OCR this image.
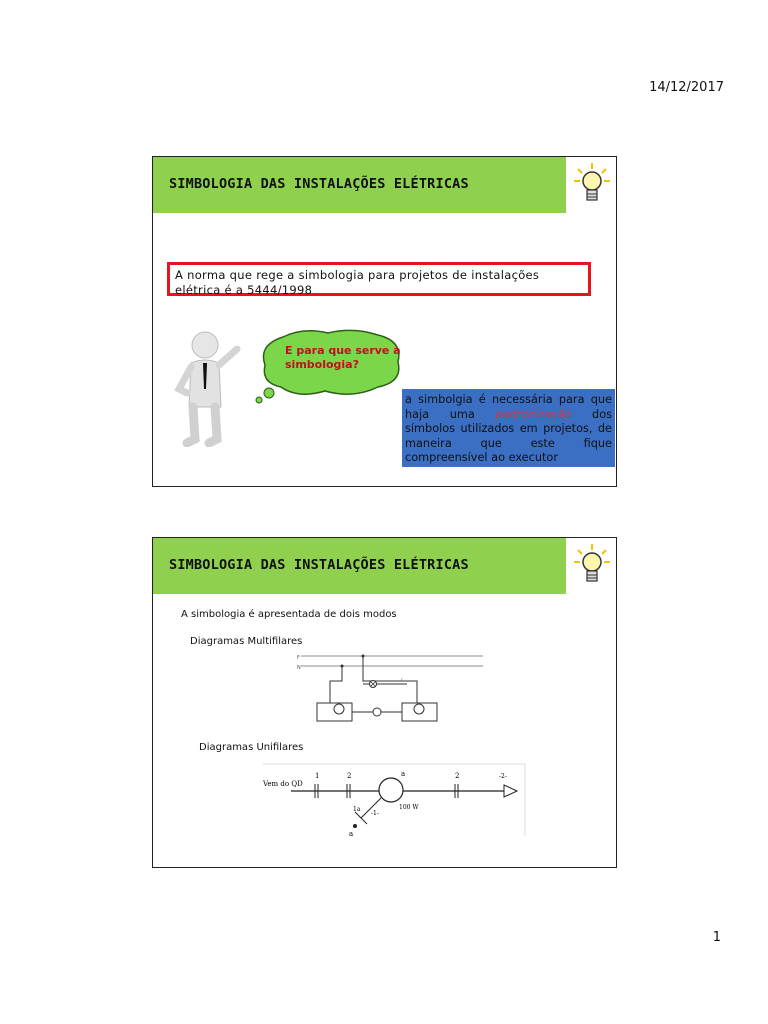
14/12/2017
SIMBOLOGIA DAS INSTALAÇÕES ELÉTRICAS
A norma que rege a simbologia para projetos de instalações elétrica é a 5444/1998
E para que serve a simbologia?
a simbolgia é necessária para que haja uma padronização dos símbolos utilizados em projetos, de maneira que este fique compreensível ao executor
SIMBOLOGIA DAS INSTALAÇÕES ELÉTRICAS
A simbologia é apresentada de dois modos
Diagramas Multifilares
F
N
r
Diagramas Unifilares
Vem do QD
1	2	2
a
100 W
-2-
1a
-1-
a
1
